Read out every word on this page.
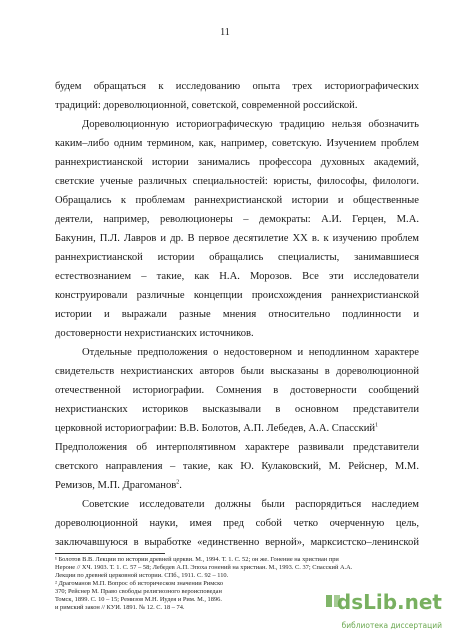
11
будем обращаться к исследованию опыта трех историографических
традиций: дореволюционной, советской, современной российской.
Дореволюционную историографическую традицию нельзя обозначить
каким–либо одним термином, как, например, советскую. Изучением проблем
раннехристианской истории занимались профессора духовных академий,
светские ученые различных специальностей: юристы, философы, филологи.
Обращались к проблемам раннехристианской истории и общественные
деятели, например, революционеры – демократы: А.И. Герцен, М.А.
Бакунин, П.Л. Лавров и др. В первое десятилетие XX в. к изучению проблем
раннехристианской истории обращались специалисты, занимавшиеся
естествознанием – такие, как Н.А. Морозов. Все эти исследователи
конструировали различные концепции происхождения раннехристианской
истории и выражали разные мнения относительно подлинности и
достоверности нехристианских источников.
Отдельные предположения о недостоверном и неподлинном характере
свидетельств нехристианских авторов были высказаны в дореволюционной
отечественной историографии. Сомнения в достоверности сообщений
нехристианских историков высказывали в основном представители
церковной историографии: В.В. Болотов, А.П. Лебедев, А.А. Спасский$^1$
Предположения об интерполятивном характере развивали представители
светского направления – такие, как Ю. Кулаковский, М. Рейснер, М.М.
Ремизов, М.П. Драгоманов$^2$.
Советские исследователи должны были распорядиться наследием
дореволюционной науки, имея пред собой четко очерченную цель,
заключавшуюся в выработке «единственно верной», марксистско–ленинской
¹ Болотов В.В. Лекции по истории древней церкви. М., 1994. Т. 1. С. 52; он же. Гонение на христиан при
Нероне // ХЧ. 1903. Т. 1. С. 57 – 58; Лебедев А.П. Эпоха гонений на христиан. М., 1993. С. 37; Спасский А.А.
Лекции по древней церковной истории. СПб., 1911. С. 92 – 110.
² Драгоманов М.П. Вопрос об историческом значении Римско
370; Рейснер М. Право свободы религиозного вероисповедан
Томск, 1899. С. 10 – 15; Ремизов М.Н. Иудея и Рим. М., 1896.
и римский закон // КУИ. 1891. № 12. С. 18 – 74.	dsLib.net
библиотека диссертаций
